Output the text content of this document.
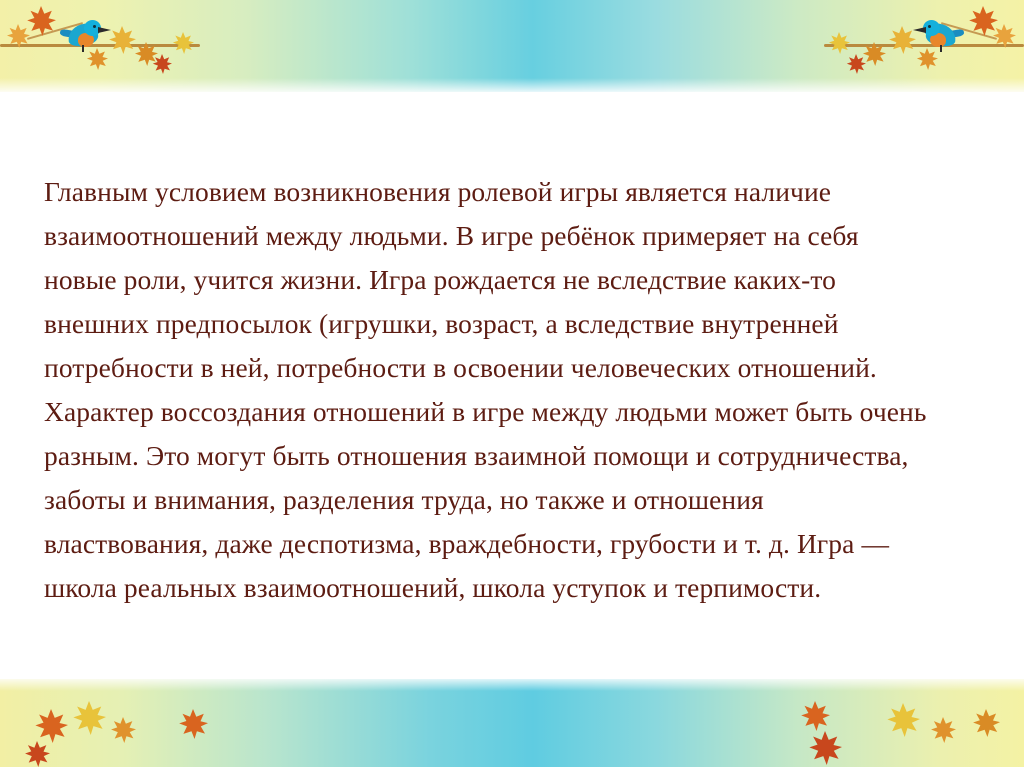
Главным условием возникновения ролевой игры является наличие взаимоотношений между людьми. В игре ребёнок примеряет на себя новые роли, учится жизни. Игра рождается не вследствие каких-то внешних предпосылок (игрушки, возраст, а вследствие внутренней потребности в ней, потребности в освоении человеческих отношений. Характер воссоздания отношений в игре между людьми может быть очень разным. Это могут быть отношения взаимной помощи и сотрудничества, заботы и внимания, разделения труда, но также и отношения властвования, даже деспотизма, враждебности, грубости и т. д. Игра — школа реальных взаимоотношений, школа уступок и терпимости.
